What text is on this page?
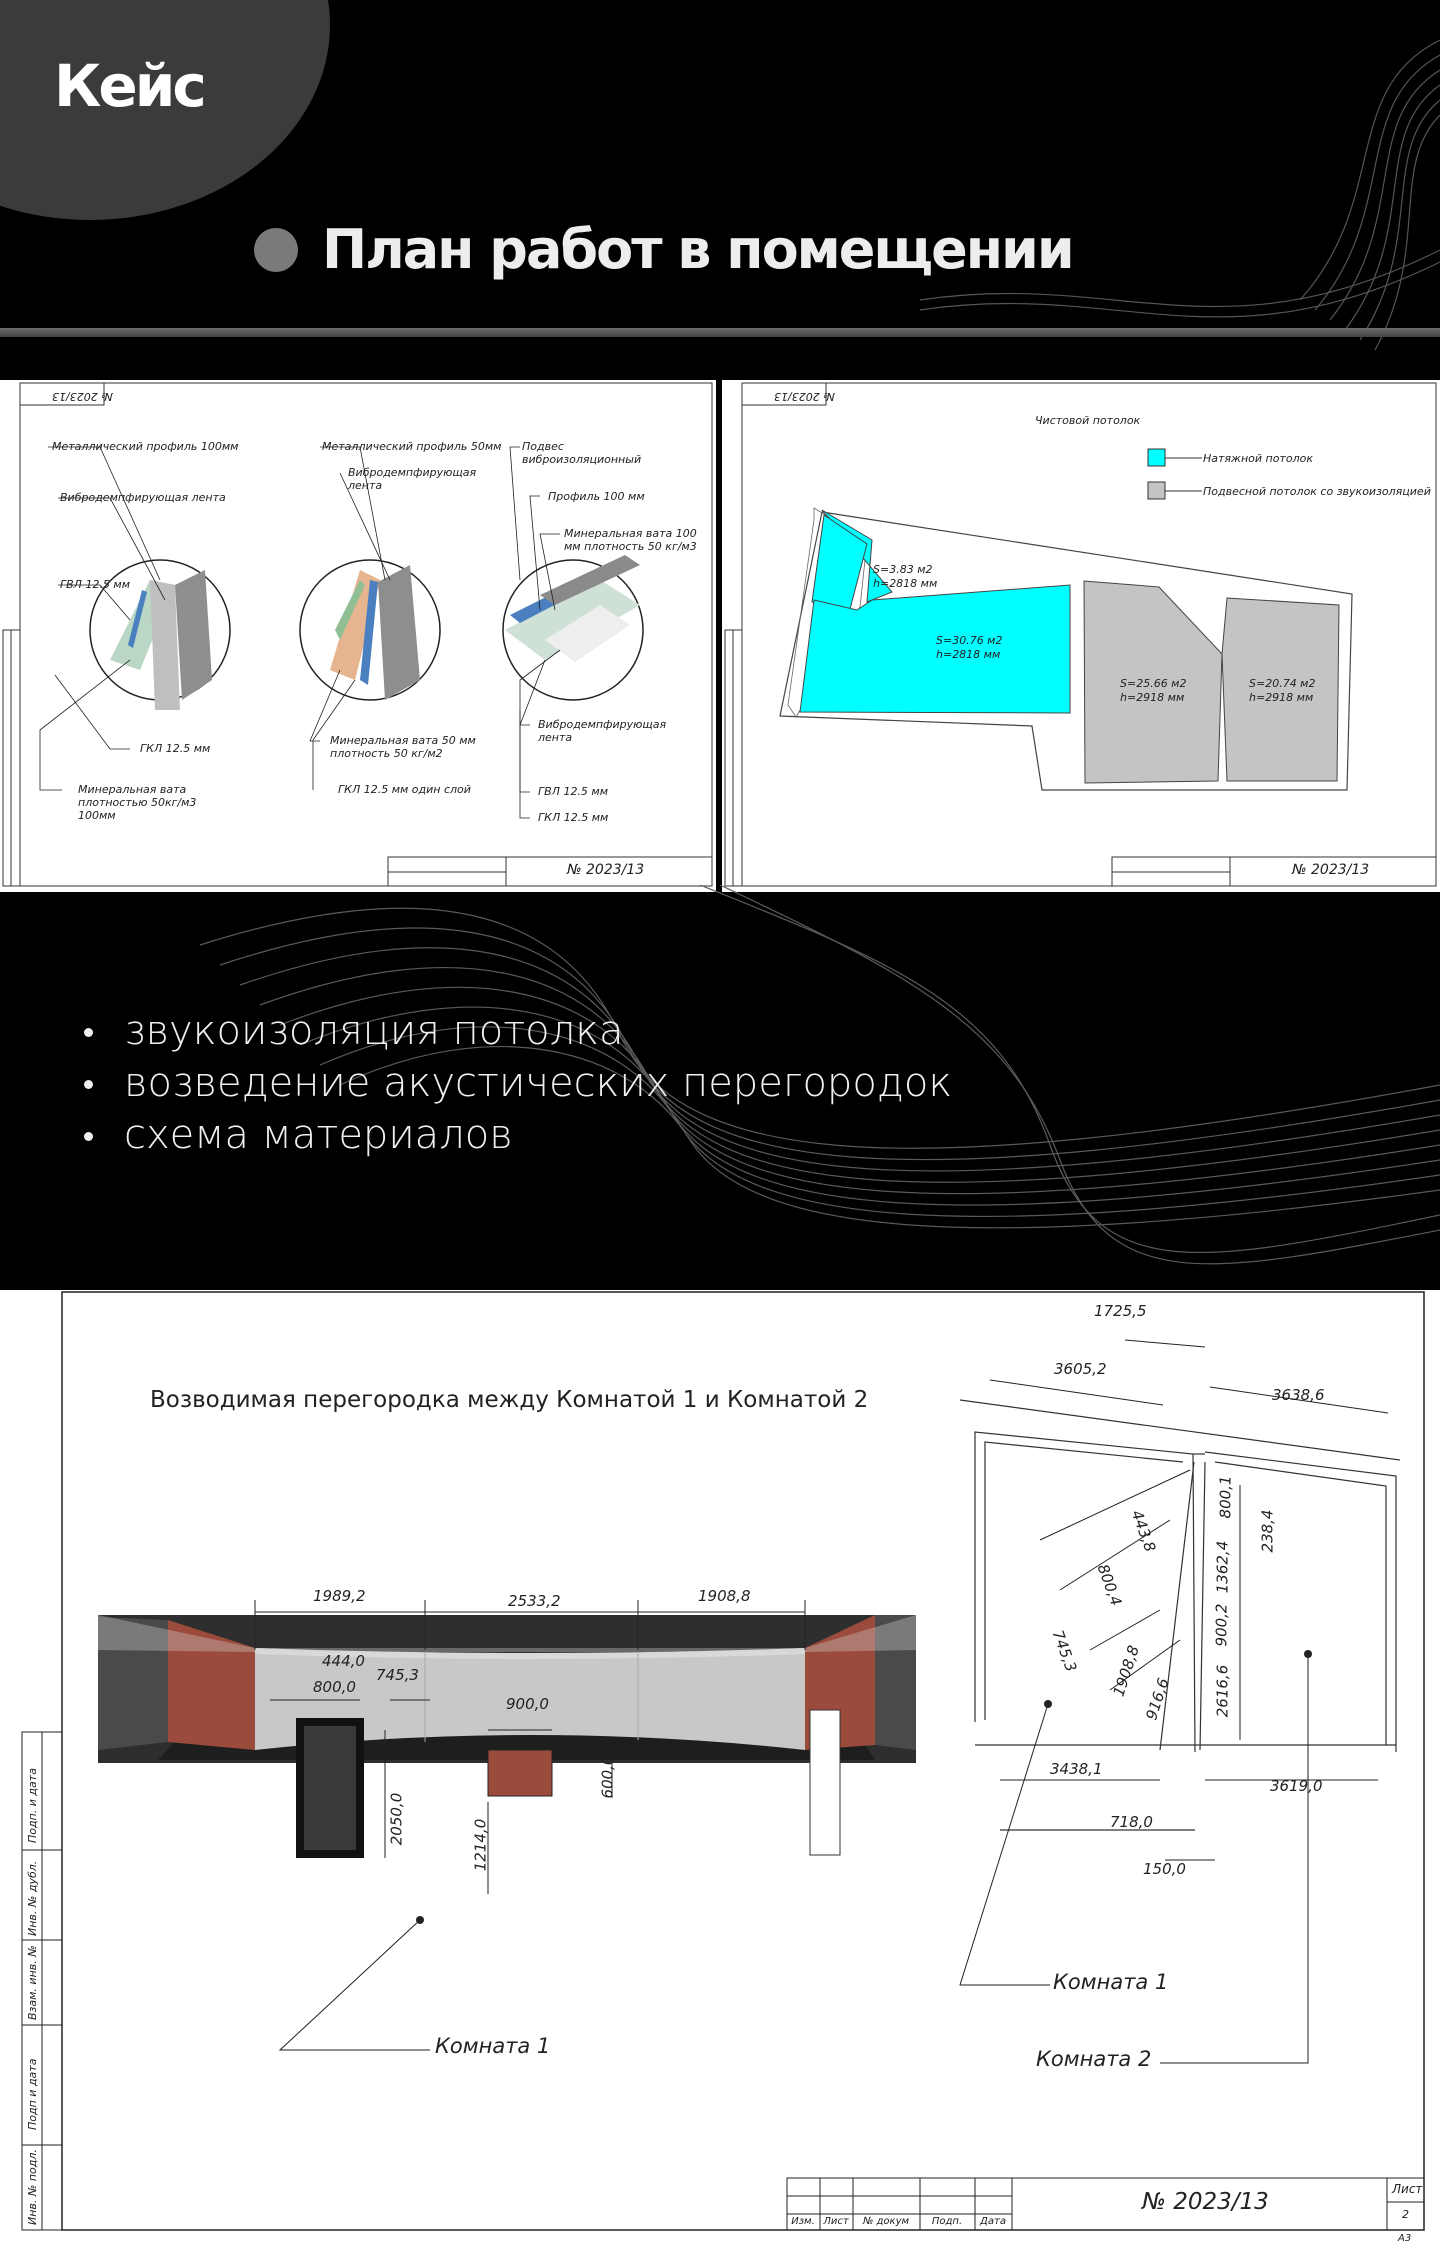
Кейс
План работ в помещении
№ 2023/13
Металлический профиль 100мм
Вибродемпфирующая лента
ГВЛ 12.5 мм
ГКЛ 12.5 мм
Минеральная вата плотностью 50кг/м3 100мм
Металлический профиль 50мм
Вибродемпфирующая лента
Минеральная вата 50 мм плотность 50 кг/м2
ГКЛ 12.5 мм один слой
Подвес виброизоляционный
Профиль 100 мм
Минеральная вата 100 мм плотность 50 кг/м3
Вибродемпфирующая лента
ГВЛ 12.5 мм
ГКЛ 12.5 мм
№ 2023/13
№ 2023/13
Чистовой потолок
Натяжной потолок
Подвесной потолок со звукоизоляцией
S=3.83 м2
h=2818 мм
S=30.76 м2
h=2818 мм
S=25.66 м2
h=2918 мм
S=20.74 м2
h=2918 мм
№ 2023/13
звукоизоляция потолка
возведение акустических перегородок
схема материалов
Возводимая перегородка между Комнатой 1 и Комнатой 2
1989,2	2533,2	1908,8
444,0
800,0
745,3
900,0
600,0
2050,0	1214,0
1725,5
3605,2
3638,6
443,8
800,4
745,3 1908,8
916,6
800,1
1362,4
238,4
900,2
2616,6
3438,1
3619,0
718,0
150,0
Комната 1
Комната 1
Комната 2
Изм. Лист	№ докум	Подп.	Дата
№ 2023/13	Лист
2
А3
Подп. и дата
Инв. № дубл.
Взам. инв. №
Подп и дата
Инв. № подл.
